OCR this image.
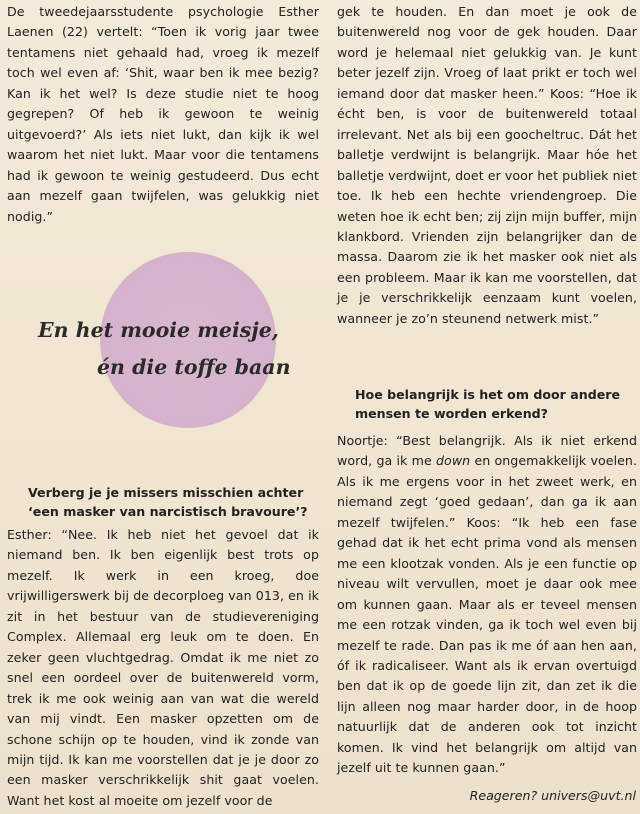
De tweedejaarsstudente psychologie Esther Laenen (22) vertelt: “Toen ik vorig jaar twee tentamens niet gehaald had, vroeg ik mezelf toch wel even af: ‘Shit, waar ben ik mee bezig? Kan ik het wel? Is deze studie niet te hoog gegrepen? Of heb ik gewoon te weinig uitgevoerd?’ Als iets niet lukt, dan kijk ik wel waarom het niet lukt. Maar voor die tentamens had ik gewoon te weinig gestudeerd. Dus echt aan mezelf gaan twijfelen, was gelukkig niet nodig.”

En het mooie meisje,
én die toffe baan
Verberg je je missers misschien achter ‘een masker van narcistisch bravoure’?

Esther: “Nee. Ik heb niet het gevoel dat ik niemand ben. Ik ben eigenlijk best trots op mezelf. Ik werk in een kroeg, doe vrijwilligerswerk bij de decorploeg van 013, en ik zit in het bestuur van de studievereniging Complex. Allemaal erg leuk om te doen. En zeker geen vluchtgedrag. Omdat ik me niet zo snel een oordeel over de buitenwereld vorm, trek ik me ook weinig aan van wat die wereld van mij vindt. Een masker opzetten om de schone schijn op te houden, vind ik zonde van mijn tijd. Ik kan me voorstellen dat je je door zo een masker verschrikkelijk shit gaat voelen. Want het kost al moeite om jezelf voor de

gek te houden. En dan moet je ook de buitenwereld nog voor de gek houden. Daar word je helemaal niet gelukkig van. Je kunt beter jezelf zijn. Vroeg of laat prikt er toch wel iemand door dat masker heen.” Koos: “Hoe ik écht ben, is voor de buitenwereld totaal irrelevant. Net als bij een goocheltruc. Dát het balletje verdwijnt is belangrijk. Maar hóe het balletje verdwijnt, doet er voor het publiek niet toe. Ik heb een hechte vriendengroep. Die weten hoe ik echt ben; zij zijn mijn buffer, mijn klankbord. Vrienden zijn belangrijker dan de massa. Daarom zie ik het masker ook niet als een probleem. Maar ik kan me voorstellen, dat je je verschrikkelijk eenzaam kunt voelen, wanneer je zo’n steunend netwerk mist.”

Hoe belangrijk is het om door andere mensen te worden erkend?

Noortje: “Best belangrijk. Als ik niet erkend word, ga ik me down en ongemakkelijk voelen. Als ik me ergens voor in het zweet werk, en niemand zegt ‘goed gedaan’, dan ga ik aan mezelf twijfelen.” Koos: “Ik heb een fase gehad dat ik het echt prima vond als mensen me een klootzak vonden. Als je een functie op niveau wilt vervullen, moet je daar ook mee om kunnen gaan. Maar als er teveel mensen me een rotzak vinden, ga ik toch wel even bij mezelf te rade. Dan pas ik me óf aan hen aan, óf ik radicaliseer. Want als ik ervan overtuigd ben dat ik op de goede lijn zit, dan zet ik die lijn alleen nog maar harder door, in de hoop natuurlijk dat de anderen ook tot inzicht komen. Ik vind het belangrijk om altijd van jezelf uit te kunnen gaan.”

Reageren? univers@uvt.nl
